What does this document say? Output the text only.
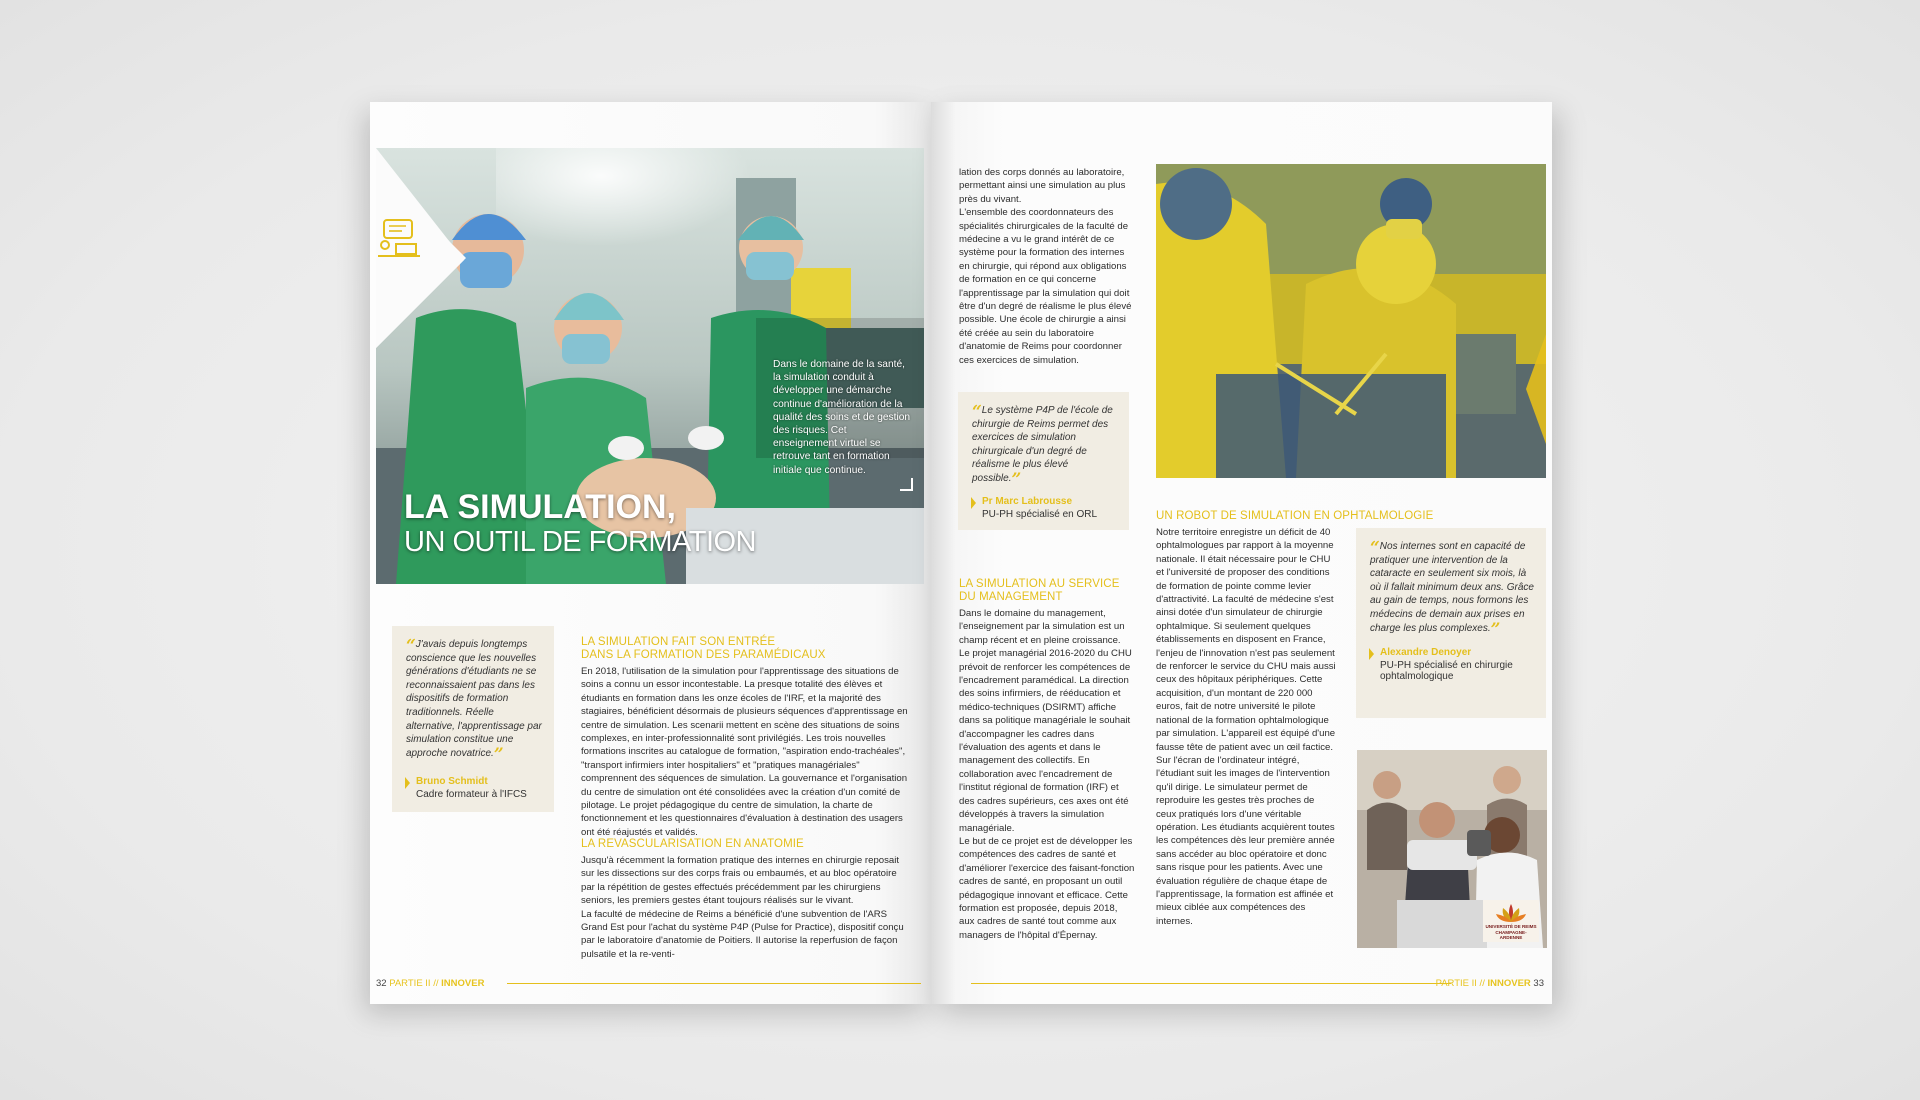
Dans le domaine de la santé, la simulation conduit à développer une démarche continue d'amélioration de la qualité des soins et de gestion des risques. Cet enseignement virtuel se retrouve tant en formation initiale que continue.
LA SIMULATION,
UN OUTIL DE FORMATION

“J'avais depuis longtemps conscience que les nouvelles générations d'étudiants ne se reconnaissaient pas dans les dispositifs de formation traditionnels. Réelle alternative, l'apprentissage par simulation constitue une approche novatrice.”

Bruno Schmidt
Cadre formateur à l'IFCS
LA SIMULATION FAIT SON ENTRÉE
DANS LA FORMATION DES PARAMÉDICAUX

En 2018, l'utilisation de la simulation pour l'apprentissage des situations de soins a connu un essor incontestable. La presque totalité des élèves et étudiants en formation dans les onze écoles de l'IRF, et la majorité des stagiaires, bénéficient désormais de plusieurs séquences d'apprentissage en centre de simulation. Les scenarii mettent en scène des situations de soins complexes, en inter-professionnalité sont privilégiés. Les trois nouvelles formations inscrites au catalogue de formation, "aspiration endo-trachéales", "transport infirmiers inter hospitaliers" et "pratiques managériales" comprennent des séquences de simulation. La gouvernance et l'organisation du centre de simulation ont été consolidées avec la création d'un comité de pilotage. Le projet pédagogique du centre de simulation, la charte de fonctionnement et les questionnaires d'évaluation à destination des usagers ont été réajustés et validés.

LA REVASCULARISATION EN ANATOMIE

Jusqu'à récemment la formation pratique des internes en chirurgie reposait sur les dissections sur des corps frais ou embaumés, et au bloc opératoire par la répétition de gestes effectués précédemment par les chirurgiens seniors, les premiers gestes étant toujours réalisés sur le vivant.

La faculté de médecine de Reims a bénéficié d'une subvention de l'ARS Grand Est pour l'achat du système P4P (Pulse for Practice), dispositif conçu par le laboratoire d'anatomie de Poitiers. Il autorise la reperfusion de façon pulsatile et la re-venti-

32 PARTIE II // INNOVER

lation des corps donnés au laboratoire, permettant ainsi une simulation au plus près du vivant.

L'ensemble des coordonnateurs des spécialités chirurgicales de la faculté de médecine a vu le grand intérêt de ce système pour la formation des internes en chirurgie, qui répond aux obligations de formation en ce qui concerne l'apprentissage par la simulation qui doit être d'un degré de réalisme le plus élevé possible. Une école de chirurgie a ainsi été créée au sein du laboratoire d'anatomie de Reims pour coordonner ces exercices de simulation.

“Le système P4P de l'école de chirurgie de Reims permet des exercices de simulation chirurgicale d'un degré de réalisme le plus élevé possible.”

Pr Marc Labrousse
PU-PH spécialisé en ORL
LA SIMULATION AU SERVICE
DU MANAGEMENT

Dans le domaine du management, l'enseignement par la simulation est un champ récent et en pleine croissance.

Le projet managérial 2016-2020 du CHU prévoit de renforcer les compétences de l'encadrement paramédical. La direction des soins infirmiers, de rééducation et médico-techniques (DSIRMT) affiche dans sa politique managériale le souhait d'accompagner les cadres dans l'évaluation des agents et dans le management des collectifs. En collaboration avec l'encadrement de l'institut régional de formation (IRF) et des cadres supérieurs, ces axes ont été développés à travers la simulation managériale.

Le but de ce projet est de développer les compétences des cadres de santé et d'améliorer l'exercice des faisant-fonction cadres de santé, en proposant un outil pédagogique innovant et efficace. Cette formation est proposée, depuis 2018, aux cadres de santé tout comme aux managers de l'hôpital d'Épernay.

UN ROBOT DE SIMULATION EN OPHTALMOLOGIE

Notre territoire enregistre un déficit de 40 ophtalmologues par rapport à la moyenne nationale. Il était nécessaire pour le CHU et l'université de proposer des conditions de formation de pointe comme levier d'attractivité. La faculté de médecine s'est ainsi dotée d'un simulateur de chirurgie ophtalmique. Si seulement quelques établissements en disposent en France, l'enjeu de l'innovation n'est pas seulement de renforcer le service du CHU mais aussi ceux des hôpitaux périphériques. Cette acquisition, d'un montant de 220 000 euros, fait de notre université le pilote national de la formation ophtalmologique par simulation. L'appareil est équipé d'une fausse tête de patient avec un œil factice. Sur l'écran de l'ordinateur intégré, l'étudiant suit les images de l'intervention qu'il dirige. Le simulateur permet de reproduire les gestes très proches de ceux pratiqués lors d'une véritable opération. Les étudiants acquièrent toutes les compétences dès leur première année sans accéder au bloc opératoire et donc sans risque pour les patients. Avec une évaluation régulière de chaque étape de l'apprentissage, la formation est affinée et mieux ciblée aux compétences des internes.

“Nos internes sont en capacité de pratiquer une intervention de la cataracte en seulement six mois, là où il fallait minimum deux ans. Grâce au gain de temps, nous formons les médecins de demain aux prises en charge les plus complexes.”

Alexandre Denoyer
PU-PH spécialisé en chirurgie ophtalmologique
UNIVERSITÉ DE REIMS CHAMPAGNE-ARDENNE
PARTIE II // INNOVER 33
